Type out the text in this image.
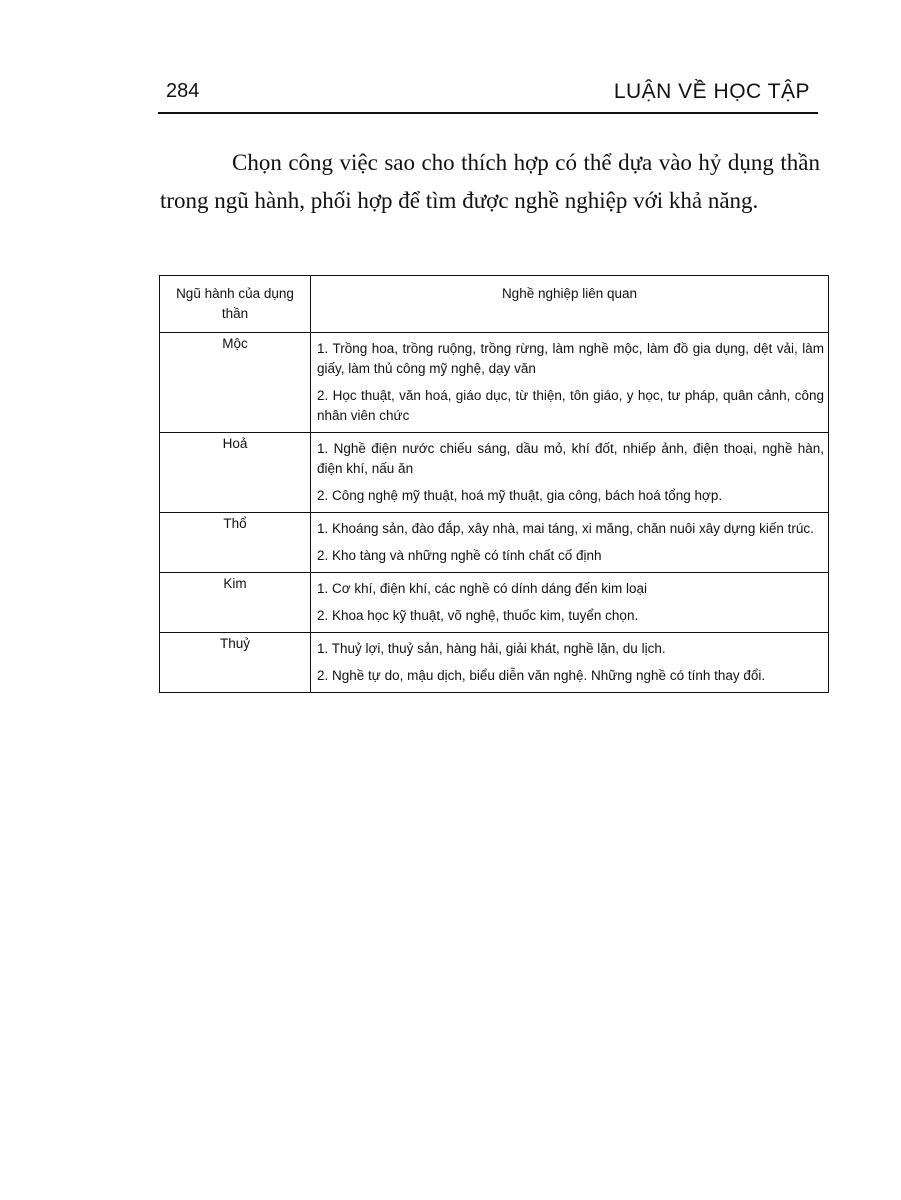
284	LUẬN VỀ HỌC TẬP

Chọn công việc sao cho thích hợp có thể dựa vào hỷ dụng thần trong ngũ hành, phối hợp để tìm được nghề nghiệp với khả năng.

Ngũ hành của dụng thần	Nghề nghiệp liên quan
Mộc	1. Trồng hoa, trồng ruộng, trồng rừng, làm nghề mộc, làm đồ gia dụng, dệt vải, làm giấy, làm thủ công mỹ nghệ, dạy văn

2. Học thuật, văn hoá, giáo dục, từ thiện, tôn giáo, y học, tư pháp, quân cảnh, công nhân viên chức

Hoả	1. Nghề điện nước chiếu sáng, dầu mỏ, khí đốt, nhiếp ảnh, điện thoại, nghề hàn, điện khí, nấu ăn

2. Công nghệ mỹ thuật, hoá mỹ thuật, gia công, bách hoá tổng hợp.

Thổ	1. Khoáng sản, đào đắp, xây nhà, mai táng, xi măng, chăn nuôi xây dựng kiến trúc.

2. Kho tàng và những nghề có tính chất cố định

Kim	1. Cơ khí, điện khí, các nghề có dính dáng đến kim loại

2. Khoa học kỹ thuật, võ nghệ, thuốc kim, tuyển chọn.

Thuỷ	1. Thuỷ lợi, thuỷ sản, hàng hải, giải khát, nghề lặn, du lịch.

2. Nghề tự do, mậu dịch, biểu diễn văn nghệ. Những nghề có tính thay đổi.
